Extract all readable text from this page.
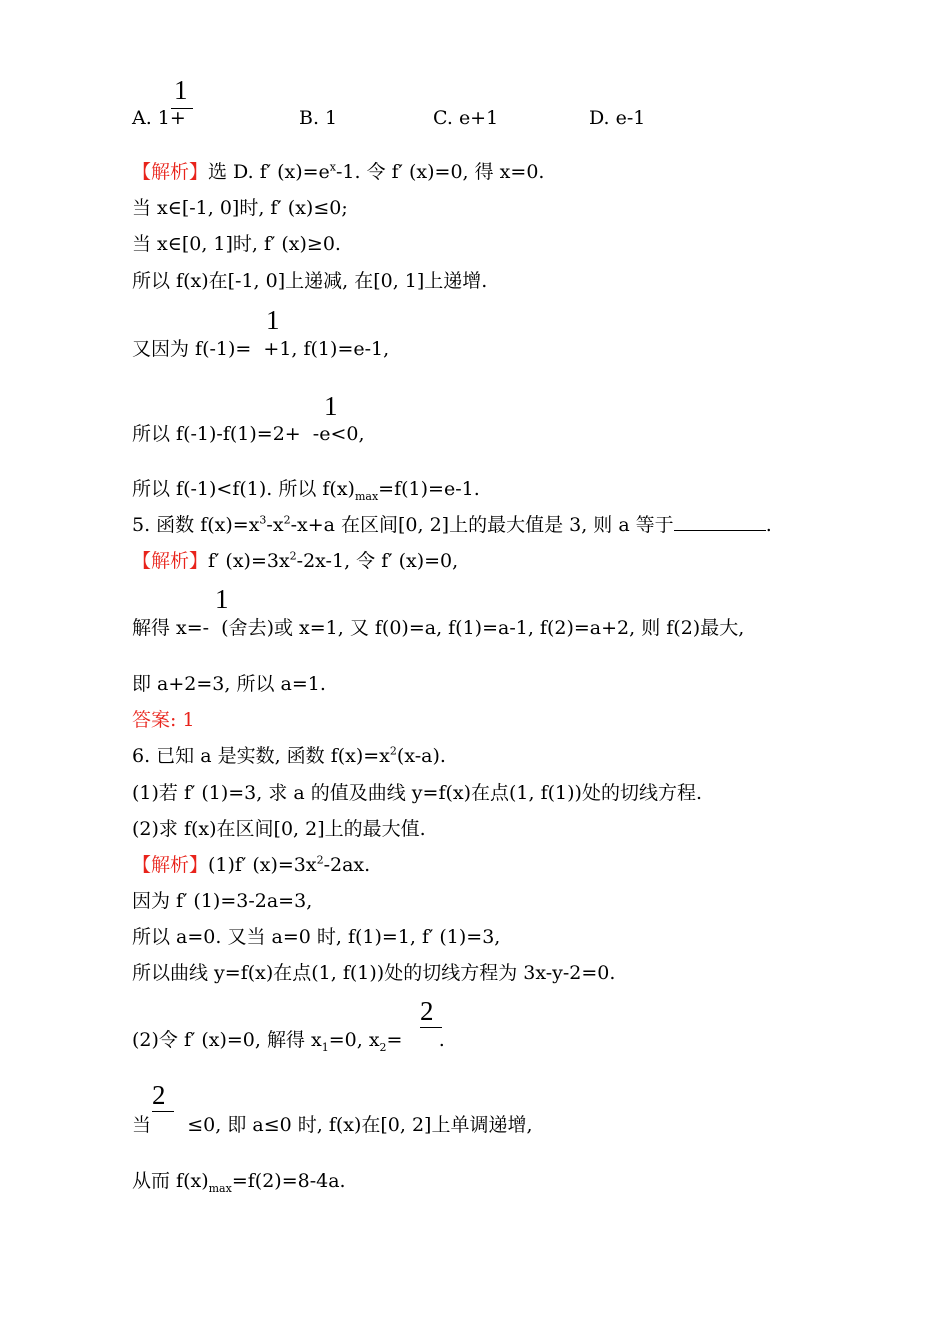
1
A. 1+	B. 1	C. e+1	D. e-1
【解析】选 D. f′ $(x)=e^x-1$. 令 f′ (x)=0, 得 x=0.
当 x∈[-1, 0]时, f′ (x)≤0;
当 x∈[0, 1]时, f′ (x)≥0.
所以 f(x)在[-1, 0]上递减, 在[0, 1]上递增.
1
又因为 f(-1)=  +1, f(1)=e-1,
1
所以 f(-1)-f(1)=2+  -e<0,
所以 f(-1)<f(1). 所以 $f(x)_{max}=f(1)=e-1$.
5. 函数 $f(x)=x^3-x^2-x+a$ 在区间[0, 2]上的最大值是 3, 则 a 等于	.
【解析】f′ $(x)=3x^2-2x-1$, 令 f′ (x)=0,
1
解得 x=-  (舍去)或 x=1, 又 f(0)=a, f(1)=a-1, f(2)=a+2, 则 f(2)最大,
即 a+2=3, 所以 a=1.
答案: 1
6. 已知 a 是实数, 函数 $f(x)=x^2(x-a)$.
(1)若 f′ (1)=3, 求 a 的值及曲线 y=f(x)在点(1, f(1))处的切线方程.
(2)求 f(x)在区间[0, 2]上的最大值.
【解析】(1)f′ $(x)=3x^2-2ax$.
因为 f′ (1)=3-2a=3,
所以 a=0. 又当 a=0 时, f(1)=1, f′ (1)=3,
所以曲线 y=f(x)在点(1, f(1))处的切线方程为 3x-y-2=0.
2
(2)令 f′ (x)=0, 解得 $x_1=0$, $x_2=$      .
2
当      ≤0, 即 a≤0 时, f(x)在[0, 2]上单调递增,
从而 $f(x)_{max}=f(2)=8-4a$.
